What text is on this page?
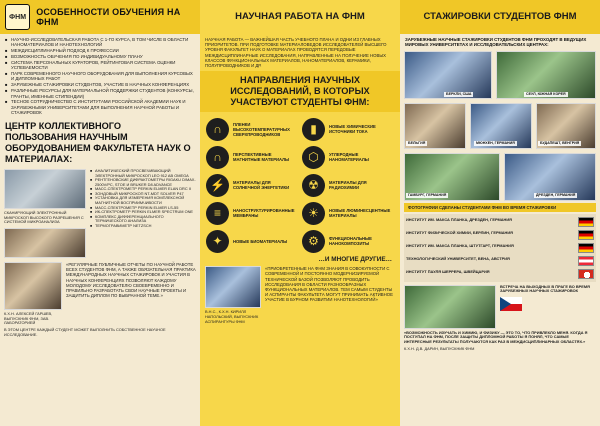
ФНМ ОСОБЕННОСТИ ОБУЧЕНИЯ НА ФНМ
■ НАУЧНО-ИССЛЕДОВАТЕЛЬСКАЯ РАБОТА С 1-ГО КУРСА, В ТОМ ЧИСЛЕ В ОБЛАСТИ НАНОМАТЕРИАЛОВ И НАНОТЕХНОЛОГИЙ
■ МЕЖДИСЦИПЛИНАРНЫЙ ПОДХОД К ПРОФЕССИИ
■ ВОЗМОЖНОСТЬ ОБУЧЕНИЯ ПО ИНДИВИДУАЛЬНОМУ ПЛАНУ
■ СИСТЕМА ПЕРСОНАЛЬНЫХ КУРАТОРОВ, РЕЙТИНГОВАЯ СИСТЕМА ОЦЕНКИ УСПЕВАЕМОСТИ
■ ПАРК СОВРЕМЕННОГО НАУЧНОГО ОБОРУДОВАНИЯ ДЛЯ ВЫПОЛНЕНИЯ КУРСОВЫХ И ДИПЛОМНЫХ РАБОТ
■ ЗАРУБЕЖНЫЕ СТАЖИРОВКИ СТУДЕНТОВ, УЧАСТИЕ В НАУЧНЫХ КОНФЕРЕНЦИЯХ
■ РАЗЛИЧНЫЕ РЕСУРСЫ ДЛЯ МАТЕРИАЛЬНОЙ ПОДДЕРЖКИ СТУДЕНТОВ (КОНКУРСЫ, ГРАНТЫ, ИМЕННЫЕ СТИПЕНДИИ)
■ ТЕСНОЕ СОТРУДНИЧЕСТВО С ИНСТИТУТАМИ РОССИЙСКОЙ АКАДЕМИИ НАУК И ЗАРУБЕЖНЫМИ УНИВЕРСИТЕТАМИ ДЛЯ ВЫПОЛНЕНИЯ НАУЧНОЙ РАБОТЫ И СТАЖИРОВОК
ЦЕНТР КОЛЛЕКТИВНОГО ПОЛЬЗОВАНИЯ НАУЧНЫМ ОБОРУДОВАНИЕМ ФАКУЛЬТЕТА НАУК О МАТЕРИАЛАХ:
СКАНИРУЮЩИЙ ЭЛЕКТРОННЫЙ МИКРОСКОП ВЫСОКОГО РАЗРЕШЕНИЯ С СИСТЕМОЙ МИКРОАНАЛИЗА
■ АНАЛИТИЧЕСКИЙ ПРОСВЕЧИВАЮЩИЙ ЭЛЕКТРОННЫЙ МИКРОСКОП LEO 912 AB OMEGA
■ РЕНТГЕНОВСКИЕ ДИФРАКТОМЕТРЫ RIGAKU D/MAX-2500V/PC, STOE И BRUKER D8 ADVANCE
■ МАСС-СПЕКТРОМЕТР PERKIN ELMER ELAN DRC II
■ ЗОНДОВЫЙ МИКРОСКОП NT-MDT SOLVER P47
■ УСТАНОВКА ДЛЯ ИЗМЕРЕНИЯ КОМПЛЕКСНОЙ МАГНИТНОЙ ВОСПРИИМЧИВОСТИ
■ МАСС-СПЕКТРОМЕТР PERKIN ELMER LS-55
■ ИК-СПЕКТРОМЕТР PERKIN ELMER SPECTRUM ONE
■ КОМПЛЕКС ДИФФЕРЕНЦИАЛЬНОГО ТЕРМИЧЕСКОГО АНАЛИЗА
■ ТЕРМОГРАВИМЕТР NETZSCH
К.Х.Н. АЛЕКСЕЙ ГАРШЕВ, ВЫПУСКНИК ФНМ, ЗАВ. ЛАБОРАТОРИЕЙ
«РЕГУЛЯРНЫЕ ПУБЛИЧНЫЕ ОТЧЕТЫ ПО НАУЧНОЙ РАБОТЕ ВСЕХ СТУДЕНТОВ ФНМ, А ТАКЖЕ ОБЯЗАТЕЛЬНАЯ ПРАКТИКА МЕЖДУНАРОДНЫХ НАУЧНЫХ СТАЖИРОВОК И УЧАСТИЯ В НАУЧНЫХ КОНФЕРЕНЦИЯХ ПОЗВОЛЯЮТ КАЖДОМУ МОЛОДОМУ ИССЛЕДОВАТЕЛЮ СВОЕВРЕМЕННО И ПРАВИЛЬНО РАЗРАБОТАТЬ СВОИ НАУЧНЫЕ ПРОЕКТЫ И ЗАЩИТИТЬ ДИПЛОМ ПО ВЫБРАННОЙ ТЕМЕ.»
В ЭТОМ ЦЕНТРЕ КАЖДЫЙ СТУДЕНТ МОЖЕТ ВЫПОЛНИТЬ СОБСТВЕННОЕ НАУЧНОЕ ИССЛЕДОВАНИЕ.
НАУЧНАЯ РАБОТА НА ФНМ
НАУЧНАЯ РАБОТА — ВАЖНЕЙШАЯ ЧАСТЬ УЧЕБНОГО ПЛАНА И ОДНИ ИЗ ГЛАВНЫХ ПРИОРИТЕТОВ. ПРИ ПОДГОТОВКЕ МАТЕРИАЛОВЕДОВ ИССЛЕДОВАТЕЛЕЙ ВЫСШЕГО УРОВНЯ ФАКУЛЬТЕТ НАУК О МАТЕРИАЛАХ ПРОВОДЯТСЯ ПЕРЕДОВЫЕ МЕЖДИСЦИПЛИНАРНЫЕ ИССЛЕДОВАНИЯ, НАПРАВЛЕННЫЕ НА ПОЛУЧЕНИЕ НОВЫХ КЛАССОВ ФУНКЦИОНАЛЬНЫХ МАТЕРИАЛОВ, НАНОМАТЕРИАЛОВ, КЕРАМИКИ, ПОЛУПРОВОДНИКОВ И ДР.
НАПРАВЛЕНИЯ НАУЧНЫХ ИССЛЕДОВАНИЙ, В КОТОРЫХ УЧАСТВУЮТ СТУДЕНТЫ ФНМ:
∩	ПЛЕНКИ ВЫСОКОТЕМПЕРАТУРНЫХ СВЕРХПРОВОДНИКОВ	▮	НОВЫЕ ХИМИЧЕСКИЕ ИСТОЧНИКИ ТОКА
∩	ПЕРСПЕКТИВНЫЕ МАГНИТНЫЕ МАТЕРИАЛЫ	⬡	УГЛЕРОДНЫЕ НАНОМАТЕРИАЛЫ
⚡	МАТЕРИАЛЫ ДЛЯ СОЛНЕЧНОЙ ЭНЕРГЕТИКИ	☢	МАТЕРИАЛЫ ДЛЯ РАДИОХИМИИ
≡	НАНОСТРУКТУРИРОВАННЫЕ МЕМБРАНЫ	☀	НОВЫЕ ЛЮМИНЕСЦЕНТНЫЕ МАТЕРИАЛЫ
✦	НОВЫЕ БИОМАТЕРИАЛЫ	⚙	ФУНКЦИОНАЛЬНЫЕ НАНОКОМПОЗИТЫ
…И МНОГИЕ ДРУГИЕ…
В.Н.С., К.Х.Н. КИРИЛЛ НАПОЛЬСКИЙ, ВЫПУСКНИК АСПИРАНТУРЫ ФНМ
«ПРИОБРЕТЕННЫЕ НА ФНМ ЗНАНИЯ В СОВОКУПНОСТИ С СОВРЕМЕННОЙ И ПОСТОЯННО МОДЕРНИЗИРУЕМОЙ ТЕХНИЧЕСКОЙ БАЗОЙ ПОЗВОЛЯЮТ ПРОВОДИТЬ ИССЛЕДОВАНИЯ В ОБЛАСТИ РАЗНООБРАЗНЫХ ФУНКЦИОНАЛЬНЫХ МАТЕРИАЛОВ. ТЕМ САМЫМ СТУДЕНТЫ И АСПИРАНТЫ ФАКУЛЬТЕТА МОГУТ ПРИНИМАТЬ АКТИВНОЕ УЧАСТИЕ В БУРНОМ РАЗВИТИИ НАНОТЕХНОЛОГИЙ»
СТАЖИРОВКИ СТУДЕНТОВ ФНМ
ЗАРУБЕЖНЫЕ НАУЧНЫЕ СТАЖИРОВКИ СТУДЕНТОВ ФНМ ПРОХОДЯТ В ВЕДУЩИХ МИРОВЫХ УНИВЕРСИТЕТАХ И ИССЛЕДОВАТЕЛЬСКИХ ЦЕНТРАХ:
БЕРКЛИ, США	СЕУЛ, ЮЖНАЯ КОРЕЯ
БЕЛЬГИЯ	МЮНХЕН, ГЕРМАНИЯ	БУДАПЕШТ, ВЕНГРИЯ
ГАМБУРГ, ГЕРМАНИЯ	ДРЕЗДЕН, ГЕРМАНИЯ
ФОТОГРАФИИ СДЕЛАНЫ СТУДЕНТАМИ ФНМ ВО ВРЕМЯ СТАЖИРОВКИ
ИНСТИТУТ ИМ. МАКСА ПЛАНКА, ДРЕЗДЕН, ГЕРМАНИЯ
ИНСТИТУТ ФИЗИЧЕСКОЙ ХИМИИ, БЕРЛИН, ГЕРМАНИЯ
ИНСТИТУТ ИМ. МАКСА ПЛАНКА, ШТУТГАРТ, ГЕРМАНИЯ
ТЕХНОЛОГИЧЕСКИЙ УНИВЕРСИТЕТ, ВЕНА, АВСТРИЯ
ИНСТИТУТ ПАУЛЯ ШЕРРЕРА, ШВЕЙЦАРИЯ
ВСТРЕЧА НА ВЫХОДНЫХ В ПРАГЕ ВО ВРЕМЯ ЗАРУБЕЖНЫХ НАУЧНЫХ СТАЖИРОВОК
«ВОЗМОЖНОСТЬ ИЗУЧАТЬ И ХИМИЮ, И ФИЗИКУ — ЭТО ТО, ЧТО ПРИВЛЕКЛО МЕНЯ. КОГДА Я ПОСТУПАЛ НА ФНМ, ПОСЛЕ ЗАЩИТЫ ДИПЛОМНОЙ РАБОТЫ Я ПОНЯЛ, ЧТО САМЫЕ ИНТЕРЕСНЫЕ РЕЗУЛЬТАТЫ ПОЛУЧАЮТСЯ КАК РАЗ В МЕЖДИСЦИПЛИНАРНЫХ ОБЛАСТЯХ.»
К.Х.Н. Д.В. ДАРИН, ВЫПУСКНИК ФНМ
